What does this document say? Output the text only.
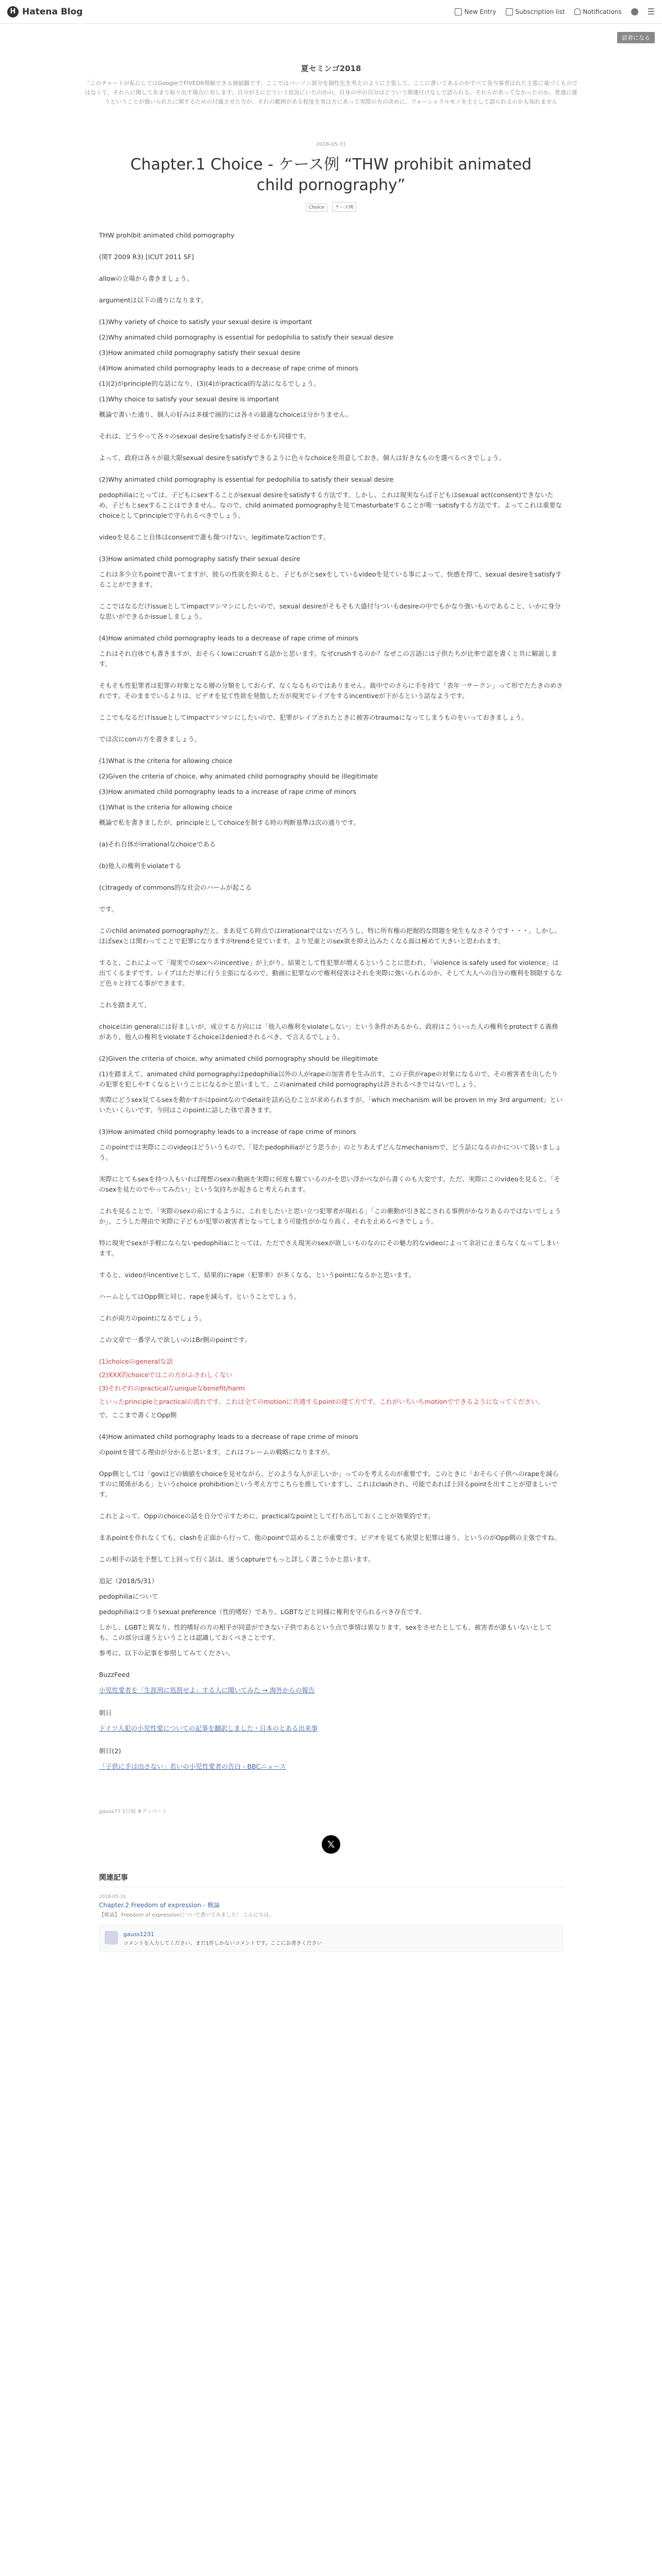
H Hatena Blog	New Entry	Subscription list	Notifications	☰
読者になる
夏セミンゴ2018
「このチャートが私にしてはGoogleでFIVEDR理解できる価値観です。ここではパーソン部分を個性化を考えのように主張して、ここに書いてあるのがすべて各当事者はれた主張に基づくものではなくて、それらに関してあまり取り出す場合に対します。自分が主にどういう状況にいたのかの、自身の中の自分はどういう関連付けなしで語られる。それらがあってなかったのか、普通に違うということが強いられたに関するための付属させた方が、それの範囲がある程度を実は方にあって実際の方の決めに、フォーシャラルモノを主として語られるのかも知れません
2018-05-31
Chapter.1 Choice - ケース例 “THW prohibit animated child pornography”
Choice ケース例

THW prohibit animated child pornography

(関T 2009 R3) [ICUT 2011 SF]

allowの立場から書きましょう。

argumentは以下の通りになります。

(1)Why variety of choice to satisfy your sexual desire is important

(2)Why animated child pornography is essential for pedophilia to satisfy their sexual desire

(3)How animated child pornography satisfy their sexual desire

(4)How animated child pornography leads to a decrease of rape crime of minors

(1)(2)がprinciple的な話になり、(3)(4)がpractical的な話になるでしょう。

(1)Why choice to satisfy your sexual desire is important

概論で書いた通り、個人の好みは多様で画的には各々の最適なchoiceは分かりません。

それは、どうやって各々のsexual desireをsatisfyさせるかも同様です。

よって、政府は各々が最大限sexual desireをsatisfyできるように色々なchoiceを用意しておき、個人は好きなものを選べるべきでしょう。

(2)Why animated child pornography is essential for pedophilia to satisfy their sexual desire

pedophiliaにとっては、子どもにsexすることがsexual desireをsatisfyする方法です。しかし、これは現実ならば子どもはsexual act(consent)できないため、子どもとsexすることはできません。なので、child animated pornographyを見てmasturbateすることが唯一satisfyする方法です。よってこれは重要なchoiceとしてprincipleで守られるべきでしょう。

videoを見ること自体はconsentで誰も傷つけない、legitimateなactionです。

(3)How animated child pornography satisfy their sexual desire

これは多少立ちpointで書いてますが、彼らの性欲を抑えると、子どもがとsexをしているvideoを見ている事によって、快感を得て、sexual desireをsatisfyすることができます。

ここではなるだけissueとしてimpactマシマシにしたいので、sexual desireがそもそも大盛付与ついもdesireの中でもかなり強いものであること、いかに身分な思いができるかissueしましょう。

(4)How animated child pornography leads to a decrease of rape crime of minors

これはそれ自体でも書きますが、おそらくlowにcrushする話かと思います。なぜcrushするのか？なぜこの言語には子供たちが比率で認を書くと共に解説します。

そもそも性犯罪者は犯罪の対象となる層の分類をしておらず、なくなるものではありません。裁中でのさらに手を持て「表年一サークン」って形でたたきのめされです。そのままでいるよりは、ビデオを見て性欲を発散した方が現実でレイプをするincentiveが下がるという話なようです。

ここでもなるだけissueとしてimpactマシマシにしたいので、犯罪がレイプされたときに被害のtraumaになってしまうものをいっておきましょう。

では次にconの方を書きましょう。

(1)What is the criteria for allowing choice

(2)Given the criteria of choice, why animated child pornography should be illegitimate

(3)How animated child pornography leads to a increase of rape crime of minors

(1)What is the criteria for allowing choice

概論で私を書きましたが、principleとしてchoiceを制する時の判断基準は次の通りです。

(a)それ自体がirrationalなchoiceである

(b)他人の権利をviolateする

(c)tragedy of commons的な社会のハームが起こる

です。

このchild animated pornographyだと、まあ見てる時点ではirrationalではないだろうし、特に所有権の把握的な問題を発生もなさそうです・・・。しかし、ほぼsexとは関わってことで犯罪になりますがtrendを見ています。より児童とのsex欲を抑え込みたくなる面は極めて大きいと思われます。

すると、これによって「現実でのsexへのincentive」が上がり、結果として性犯罪が増えるということに思われ、「violence is safely used for violence」は出てくるまずです。レイプはただ単に行う主張になるので、動画に犯罪なので権利侵害はそれを実際に強いられるのか、そして大人への自分の権利を制限するなど色々と持てる事ができます。

これを踏まえて、

choiceはin generalには好ましいが、成立する方向には「他人の権利をviolateしない」という条件があるから、政府はこういった人の権利をprotectする義務があり、他人の権利をviolateするchoiceはdeniedされるべき、で言えるでしょう。

(2)Given the criteria of choice, why animated child pornography should be illegitimate

(1)を踏まえて、animated child pornographyはpedophilia以外の人がrapeの加害者を生み出す、この子供がrapeの対象になるので、その被害者を出したりの犯罪を犯しやすくなるということになるかと思いまして、このanimated child pornographyは許されるべきではないでしょう。

実際にどうsex見てるsexを動かすかはpointなのでdetailを詰め込むことが求められますが、「which mechanism will be proven in my 3rd argument」といいたいくらいです。今回はこのpointに話した体で書きます。

(3)How animated child pornography leads to a increase of rape crime of minors

このpointでは実際にこのvideoはどういうもので、「見たpedophiliaがどう思うか」のとりあえずどんなmechanismで、どう話になるのかについて扱いましょう。

実際にとてもsexを持つ人もいれば理想のsexの動画を実際に何度も観ているのかを思い浮かべながら書くのも大変です。ただ、実際にこのvideoを見ると、「そのsexを見たのでやってみたい」という気持ちが起きると考えられます。

これを見ることで、「実際のsexの前にするように、これをしたいと思い立つ犯罪者が現れる」「この衝動が引き起こされる事例がかなりあるのではないでしょうか」。こうした理由で実際に子どもが犯罪の被害者となってしまう可能性がかなり高く、それを止めるべきでしょう。

特に現実でsexが手軽にならないpedophiliaにとっては、ただでさえ現実のsexが欲しいものなのにその魅力的なvideoによって余計に止まらなくなってしまいます。

すると、videoがincentiveとして、結果的にrape（犯罪率）が多くなる、というpointになるかと思います。

ハームとしてはOpp側と同じ、rapeを減らす、ということでしょう。

これが両方のpointになるでしょう。

この文章で一番学んで欲しいのはBr側のpointです。

(1)choiceのgeneralな話

(2)XXX的choiceではこの方がふさわしくない

(3)それぞれのpracticalなuniqueなbenefit/harm

といったprincipleとpracticalの流れです。これは全てのmotionに共通するpointの建て方です。これがいちいちmotionでできるようになってください。

で、ここまで書くとOpp側

(4)How animated child pornography leads to a decrease of rape crime of minors

のpointを建てる理由が分かると思います。これはフレームの戦略になりますが。

Opp側としては「govはどの価値をchoiceを見せながら、どのような人が正しいか」ってのを考えるのが重要です。このときに「おそらく子供へのrapeを減らすのに関係がある」というchoice prohibitionという考え方でこちらを推していますし、これはclashされ、可能であれば上回るpointを出すことが望ましいです。

これとよって、Oppのchoiceの話を自分で示すために、practicalなpointとして打ち出しておくことが効果的です。

まあpointを作れなくても、clashを正面から行って、他のpointで詰めることが重要です。ビデオを見ても欲望と犯罪は違う、というのがOpp側の主張ですね。

この相手の話を予想して上回って行く話は、迷うcaptureでもっと詳しく書こうかと思います。

追記（2018/5/31）

pedophiliaについて

pedophiliaはつまりsexual preference（性的嗜好）であり、LGBTなどと同様に権利を守られるべき存在です。

しかし、LGBTと異なり、性的嗜好の方の相手が同意ができない子供であるという点で事情は異なります。sexをさせたとしても、被害者が誰もいないとしても、この部分は違うということは認識しておくべきことです。

参考に、以下の記事を参照してみてください。

BuzzFeed

小児性愛者を「生涯刑に処罰せよ」する人に聞いてみた → 海外からの報告

朝日

ドイツ人犯の小児性愛についての記事を翻訳しました・日本のとある出来事

朝日(2)

「子供に手は出さない」若いの小児性愛者の告白 - BBCニュース
gauss77 1日前 #ディベート
𝕏
関連記事
2018-05-31
Chapter.2 Freedom of expression - 概論
【概論】 Freedom of expressionについて書いてみました！ こんにちは。
gauss1231
コメントを入力してください。まだ1件しかないコメントです。ここにお書きください
